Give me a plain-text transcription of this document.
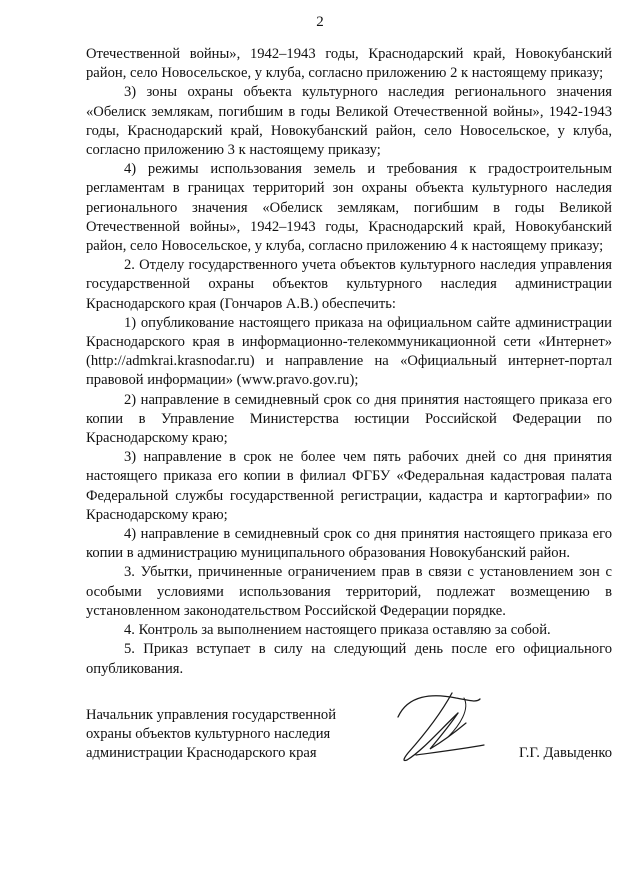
2

Отечественной войны», 1942–1943 годы, Краснодарский край, Новокубанский район, село Новосельское, у клуба, согласно приложению 2 к настоящему приказу;

3) зоны охраны объекта культурного наследия регионального значения «Обелиск землякам, погибшим в годы Великой Отечественной войны», 1942-1943 годы, Краснодарский край, Новокубанский район, село Новосельское, у клуба, согласно приложению 3 к настоящему приказу;

4) режимы использования земель и требования к градостроительным регламентам в границах территорий зон охраны объекта культурного наследия регионального значения «Обелиск землякам, погибшим в годы Великой Отечественной войны», 1942–1943 годы, Краснодарский край, Новокубанский район, село Новосельское, у клуба, согласно приложению 4 к настоящему приказу;

2. Отделу государственного учета объектов культурного наследия управления государственной охраны объектов культурного наследия администрации Краснодарского края (Гончаров А.В.) обеспечить:

1) опубликование настоящего приказа на официальном сайте администрации Краснодарского края в информационно-телекоммуникационной сети «Интернет» (http://admkrai.krasnodar.ru) и направление на «Официальный интернет-портал правовой информации» (www.pravo.gov.ru);

2) направление в семидневный срок со дня принятия настоящего приказа его копии в Управление Министерства юстиции Российской Федерации по Краснодарскому краю;

3) направление в срок не более чем пять рабочих дней со дня принятия настоящего приказа его копии в филиал ФГБУ «Федеральная кадастровая палата Федеральной службы государственной регистрации, кадастра и картографии» по Краснодарскому краю;

4) направление в семидневный срок со дня принятия настоящего приказа его копии в администрацию муниципального образования Новокубанский район.

3. Убытки, причиненные ограничением прав в связи с установлением зон с особыми условиями использования территорий, подлежат возмещению в установленном законодательством Российской Федерации порядке.

4. Контроль за выполнением настоящего приказа оставляю за собой.

5. Приказ вступает в силу на следующий день после его официального опубликования.

Начальник управления государственной
охраны объектов культурного наследия
администрации Краснодарского края	Г.Г. Давыденко
